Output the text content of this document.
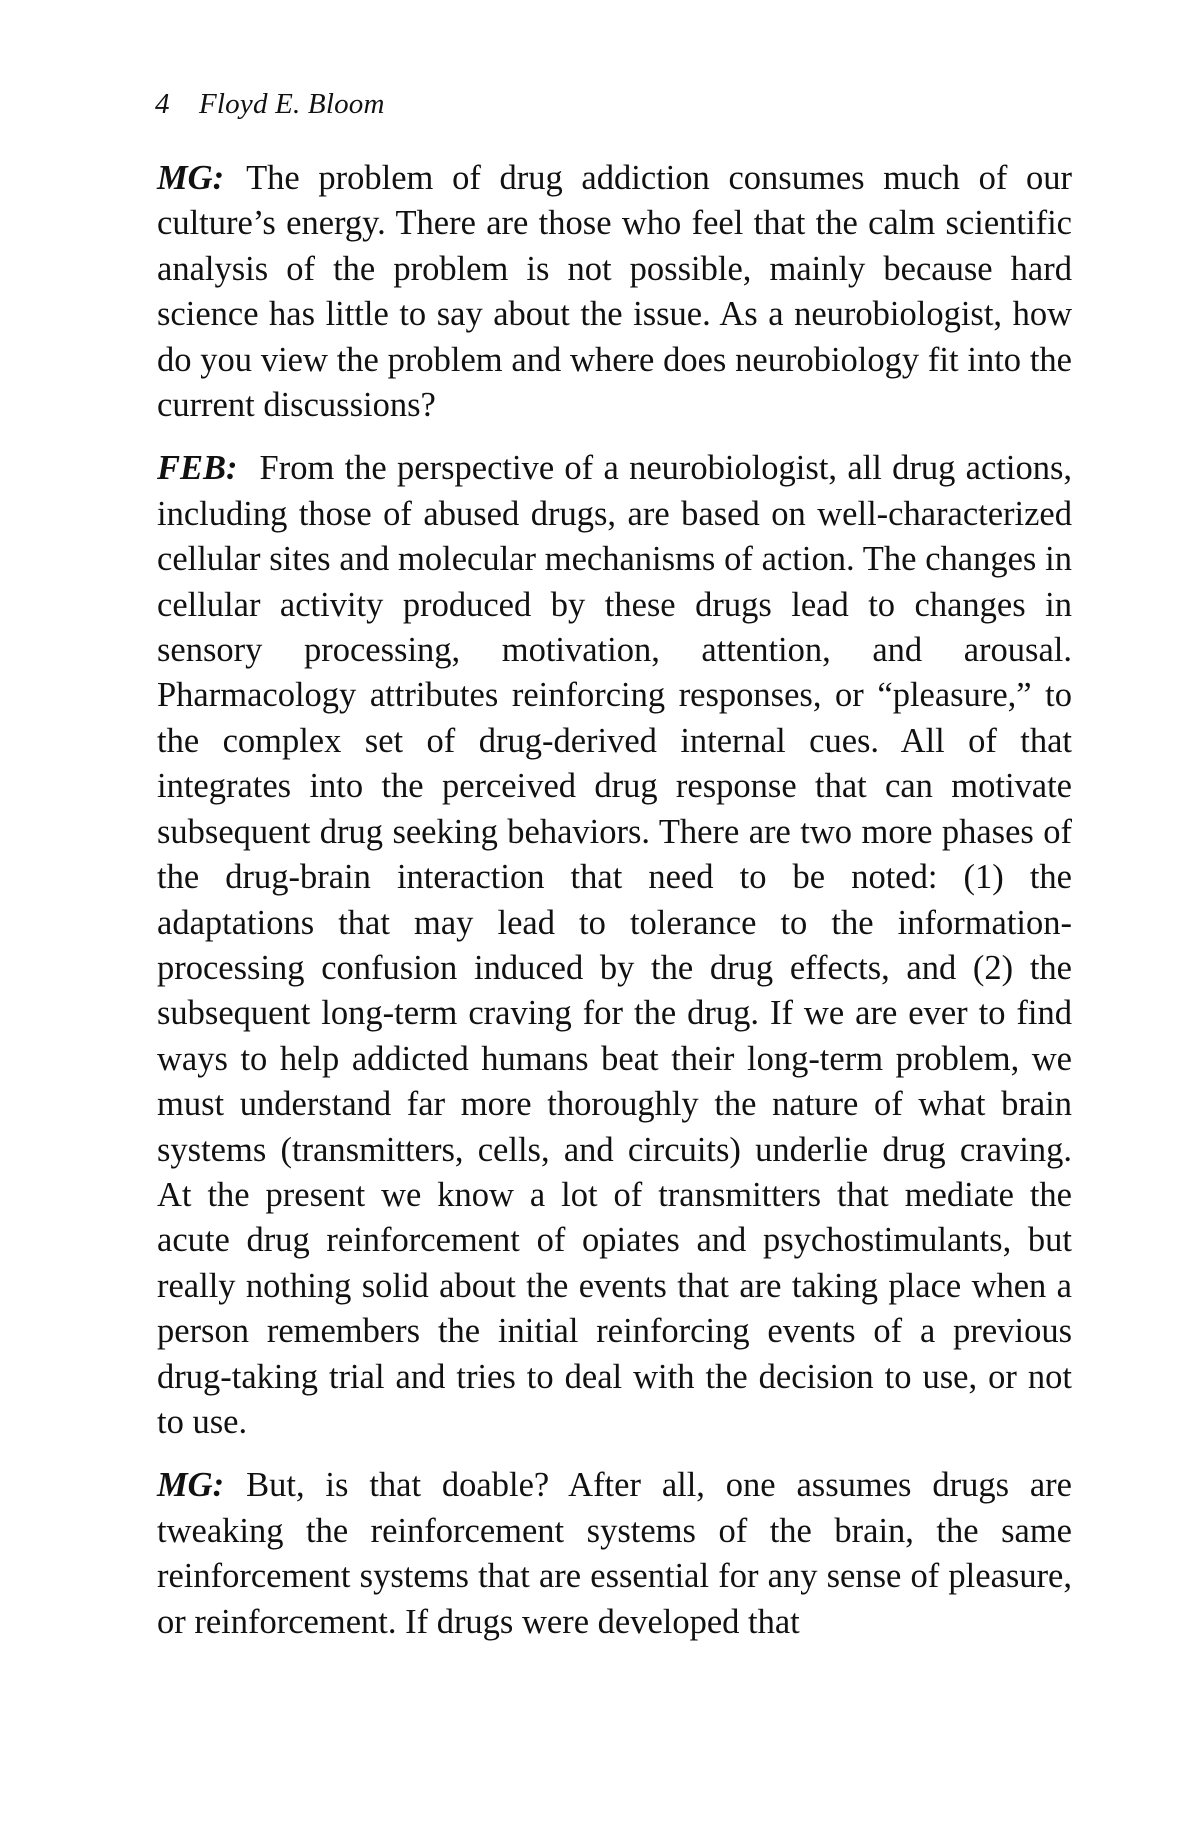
4 Floyd E. Bloom

MG: The problem of drug addiction consumes much of our culture’s energy. There are those who feel that the calm scientific analysis of the problem is not possible, mainly because hard science has little to say about the issue. As a neurobiologist, how do you view the problem and where does neurobiology fit into the current discussions?

FEB: From the perspective of a neurobiologist, all drug actions, including those of abused drugs, are based on well-characterized cellular sites and molecular mechanisms of action. The changes in cellular activity produced by these drugs lead to changes in sensory processing, motivation, attention, and arousal. Pharmacology attributes reinforcing responses, or “pleasure,” to the complex set of drug-derived internal cues. All of that integrates into the perceived drug response that can motivate subsequent drug seeking behaviors. There are two more phases of the drug-brain interaction that need to be noted: (1) the adaptations that may lead to tolerance to the information-processing confusion induced by the drug effects, and (2) the subsequent long-term craving for the drug. If we are ever to find ways to help addicted humans beat their long-term problem, we must understand far more thoroughly the nature of what brain systems (transmitters, cells, and circuits) underlie drug craving. At the present we know a lot of transmitters that mediate the acute drug reinforcement of opiates and psychostimulants, but really nothing solid about the events that are taking place when a person remembers the initial reinforcing events of a previous drug-taking trial and tries to deal with the decision to use, or not to use.

MG: But, is that doable? After all, one assumes drugs are tweaking the reinforcement systems of the brain, the same reinforcement systems that are essential for any sense of pleasure, or reinforcement. If drugs were developed that
